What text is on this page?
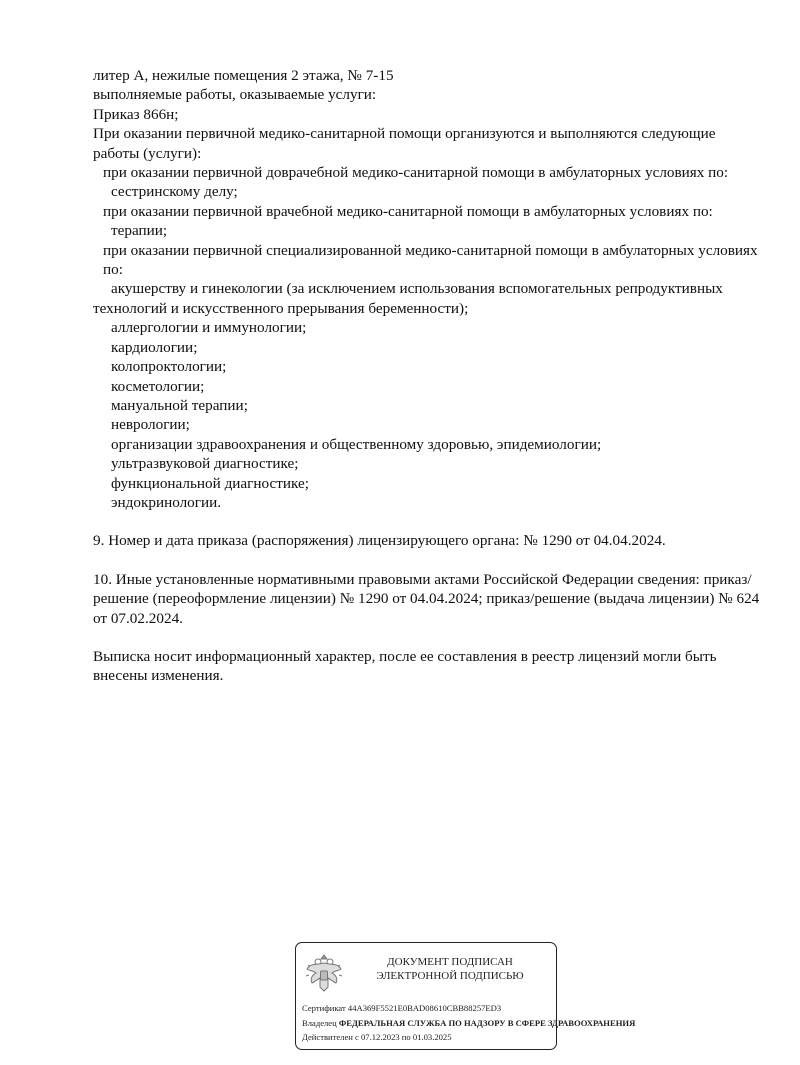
литер А, нежилые помещения 2 этажа, № 7-15

выполняемые работы, оказываемые услуги:

Приказ 866н;

При оказании первичной медико-санитарной помощи организуются и выполняются следующие работы (услуги):

при оказании первичной доврачебной медико-санитарной помощи в амбулаторных условиях по:

сестринскому делу;

при оказании первичной врачебной медико-санитарной помощи в амбулаторных условиях по:

терапии;

при оказании первичной специализированной медико-санитарной помощи в амбулаторных условиях по:

акушерству и гинекологии (за исключением использования вспомогательных репродуктивных технологий и искусственного прерывания беременности);

аллергологии и иммунологии;

кардиологии;

колопроктологии;

косметологии;

мануальной терапии;

неврологии;

организации здравоохранения и общественному здоровью, эпидемиологии;

ультразвуковой диагностике;

функциональной диагностике;

эндокринологии.

9. Номер и дата приказа (распоряжения) лицензирующего органа: № 1290 от 04.04.2024.

10. Иные установленные нормативными правовыми актами Российской Федерации сведения: приказ/решение (переоформление лицензии) № 1290 от 04.04.2024; приказ/решение (выдача лицензии) № 624 от 07.02.2024.

Выписка носит информационный характер, после ее составления в реестр лицензий могли быть внесены изменения.

ДОКУМЕНТ ПОДПИСАН
ЭЛЕКТРОННОЙ ПОДПИСЬЮ
Сертификат 44A369F5521E0BAD08610CBB88257ED3
Владелец ФЕДЕРАЛЬНАЯ СЛУЖБА ПО НАДЗОРУ В СФЕРЕ ЗДРАВООХРАНЕНИЯ
Действителен с 07.12.2023 по 01.03.2025
